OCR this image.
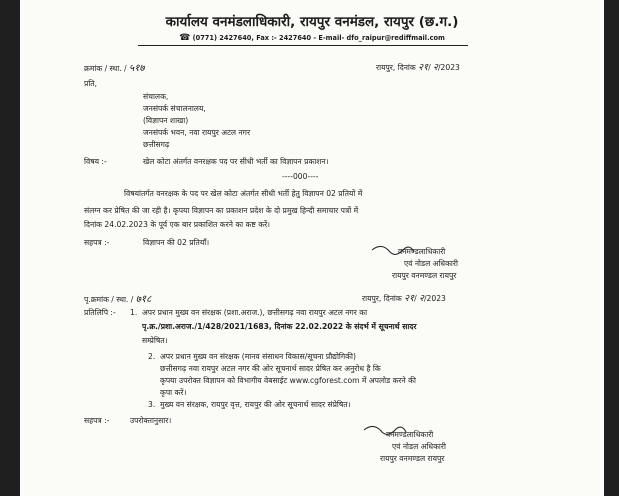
कार्यालय वनमंडलाधिकारी, रायपुर वनमंडल, रायपुर (छ.ग.)
☎ (0771) 2427640, Fax :- 2427640 - E-mail- dfo_raipur@rediffmail.com
क्रमांक / स्था. / ५१७	रायपुर, दिनांक २१/ २/2023
प्रति,
संचालक,
जनसंपर्क संचालनालय,
(विज्ञापन शाखा)
जनसंपर्क भवन, नवा रायपुर अटल नगर
छत्तीसगढ़
विषय :-	खेल कोटा अंतर्गत वनरक्षक पद पर सीधी भर्ती का विज्ञापन प्रकाशन।
----000----
विषयांतर्गत वनरक्षक के पद पर खेल कोटा अंतर्गत सीधी भर्ती हेतु विज्ञापन 02 प्रतियों में
संलग्न कर प्रेषित की जा रही है। कृपया विज्ञापन का प्रकाशन प्रदेश के दो प्रमुख हिन्दी समाचार पत्रों में
दिनांक 24.02.2023 के पूर्व एक बार प्रकाशित करने का कष्ट करें।
सहपत्र :-	विज्ञापन की 02 प्रतियाँ।
वनमण्डलाधिकारी
एवं नोडल अधिकारी
रायपुर वनमण्डल रायपुर
पृ.क्रमांक / स्था. / ७१८	रायपुर, दिनांक २१/ २/2023
प्रतिलिपि :- 1. अपर प्रधान मुख्य वन संरक्षक (प्रशा.अराज.), छत्तीसगढ़ नवा रायपुर अटल नगर का
पृ.क्र./प्रशा.अराज./1/428/2021/1683, दिनांक 22.02.2022 के संदर्भ में सूचनार्थ सादर
सम्प्रेषित।
2. अपर प्रधान मुख्य वन संरक्षक (मानव संसाधन विकास/सूचना प्रौद्योगिकी)
छत्तीसगढ़ नवा रायपुर अटल नगर की ओर सूचनार्थ सादर प्रेषित कर अनुरोध है कि
कृपया उपरोक्त विज्ञापन को विभागीय वेबसाईट www.cgforest.com में अपलोड करने की
कृपा करें।
3. मुख्य वन संरक्षक, रायपुर वृत्त, रायपुर की ओर सूचनार्थ सादर संप्रेषित।
सहपत्र :-	उपरोक्तानुसार।
वनमण्डलाधिकारी
एवं नोडल अधिकारी
रायपुर वनमण्डल रायपुर
